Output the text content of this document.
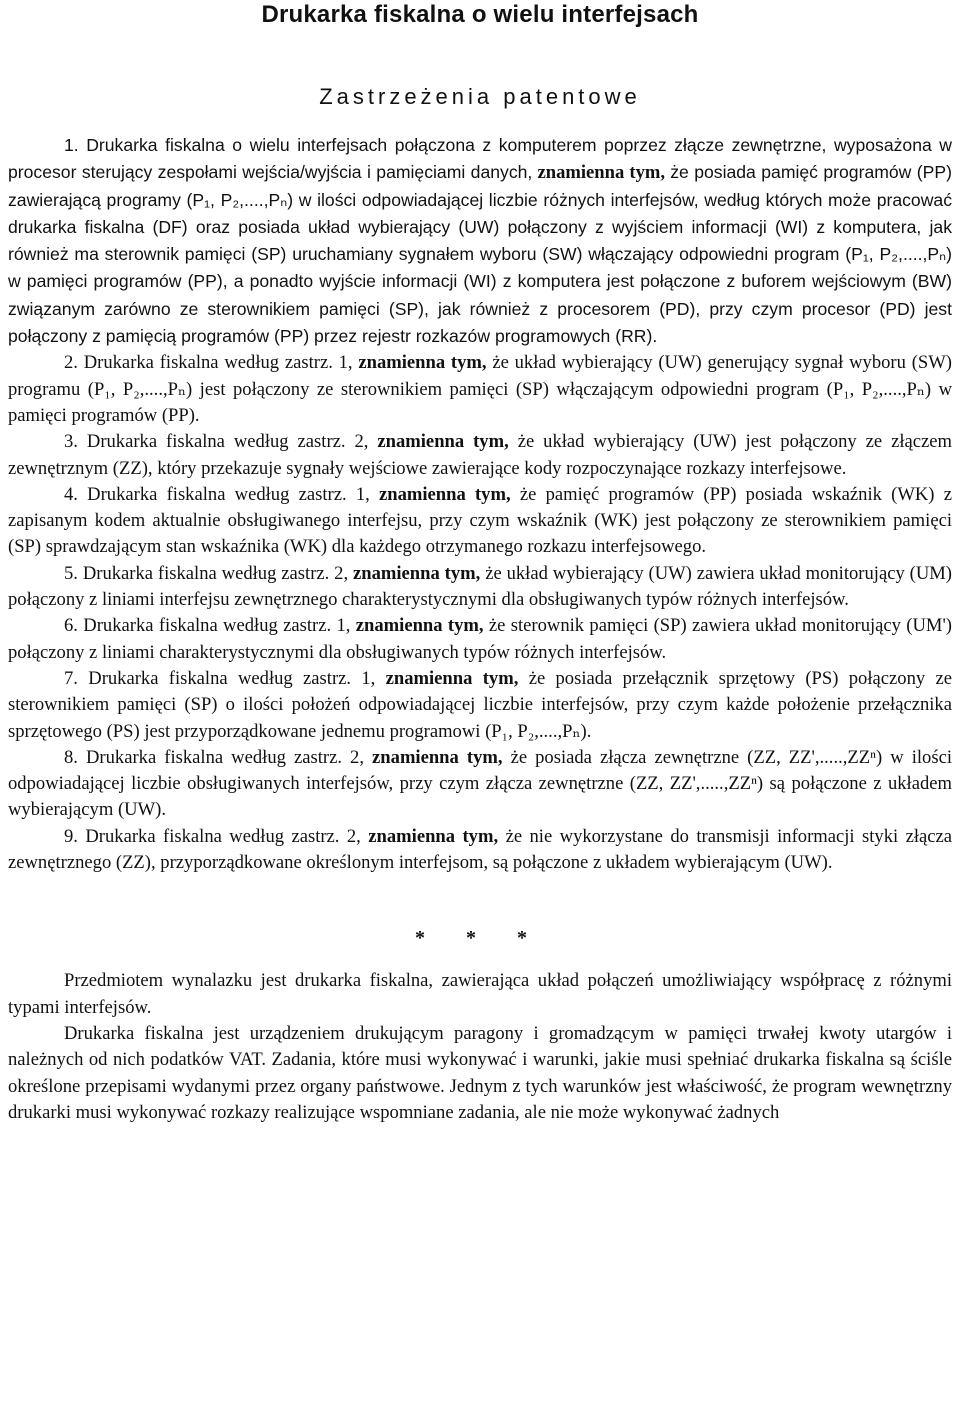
Drukarka fiskalna o wielu interfejsach
Zastrzeżenia patentowe

1. Drukarka fiskalna o wielu interfejsach połączona z komputerem poprzez złącze zewnętrzne, wyposażona w procesor sterujący zespołami wejścia/wyjścia i pamięciami danych, znamienna tym, że posiada pamięć programów (PP) zawierającą programy (P₁, P₂,....,Pₙ) w ilości odpowiadającej liczbie różnych interfejsów, według których może pracować drukarka fiskalna (DF) oraz posiada układ wybierający (UW) połączony z wyjściem informacji (WI) z komputera, jak również ma sterownik pamięci (SP) uruchamiany sygnałem wyboru (SW) włączający odpowiedni program (P₁, P₂,....,Pₙ) w pamięci programów (PP), a ponadto wyjście informacji (WI) z komputera jest połączone z buforem wejściowym (BW) związanym zarówno ze sterownikiem pamięci (SP), jak również z procesorem (PD), przy czym procesor (PD) jest połączony z pamięcią programów (PP) przez rejestr rozkazów programowych (RR).

2. Drukarka fiskalna według zastrz. 1, znamienna tym, że układ wybierający (UW) generujący sygnał wyboru (SW) programu (P₁, P₂,....,Pₙ) jest połączony ze sterownikiem pamięci (SP) włączającym odpowiedni program (P₁, P₂,....,Pₙ) w pamięci programów (PP).

3. Drukarka fiskalna według zastrz. 2, znamienna tym, że układ wybierający (UW) jest połączony ze złączem zewnętrznym (ZZ), który przekazuje sygnały wejściowe zawierające kody rozpoczynające rozkazy interfejsowe.

4. Drukarka fiskalna według zastrz. 1, znamienna tym, że pamięć programów (PP) posiada wskaźnik (WK) z zapisanym kodem aktualnie obsługiwanego interfejsu, przy czym wskaźnik (WK) jest połączony ze sterownikiem pamięci (SP) sprawdzającym stan wskaźnika (WK) dla każdego otrzymanego rozkazu interfejsowego.

5. Drukarka fiskalna według zastrz. 2, znamienna tym, że układ wybierający (UW) zawiera układ monitorujący (UM) połączony z liniami interfejsu zewnętrznego charakterystycznymi dla obsługiwanych typów różnych interfejsów.

6. Drukarka fiskalna według zastrz. 1, znamienna tym, że sterownik pamięci (SP) zawiera układ monitorujący (UM') połączony z liniami charakterystycznymi dla obsługiwanych typów różnych interfejsów.

7. Drukarka fiskalna według zastrz. 1, znamienna tym, że posiada przełącznik sprzętowy (PS) połączony ze sterownikiem pamięci (SP) o ilości położeń odpowiadającej liczbie interfejsów, przy czym każde położenie przełącznika sprzętowego (PS) jest przyporządkowane jednemu programowi (P₁, P₂,....,Pₙ).

8. Drukarka fiskalna według zastrz. 2, znamienna tym, że posiada złącza zewnętrzne (ZZ, ZZ',.....,ZZⁿ) w ilości odpowiadającej liczbie obsługiwanych interfejsów, przy czym złącza zewnętrzne (ZZ, ZZ',.....,ZZⁿ) są połączone z układem wybierającym (UW).

9. Drukarka fiskalna według zastrz. 2, znamienna tym, że nie wykorzystane do transmisji informacji styki złącza zewnętrznego (ZZ), przyporządkowane określonym interfejsom, są połączone z układem wybierającym (UW).

* * *

Przedmiotem wynalazku jest drukarka fiskalna, zawierająca układ połączeń umożliwiający współpracę z różnymi typami interfejsów.

Drukarka fiskalna jest urządzeniem drukującym paragony i gromadzącym w pamięci trwałej kwoty utargów i należnych od nich podatków VAT. Zadania, które musi wykonywać i warunki, jakie musi spełniać drukarka fiskalna są ściśle określone przepisami wydanymi przez organy państwowe. Jednym z tych warunków jest właściwość, że program wewnętrzny drukarki musi wykonywać rozkazy realizujące wspomniane zadania, ale nie może wykonywać żadnych
